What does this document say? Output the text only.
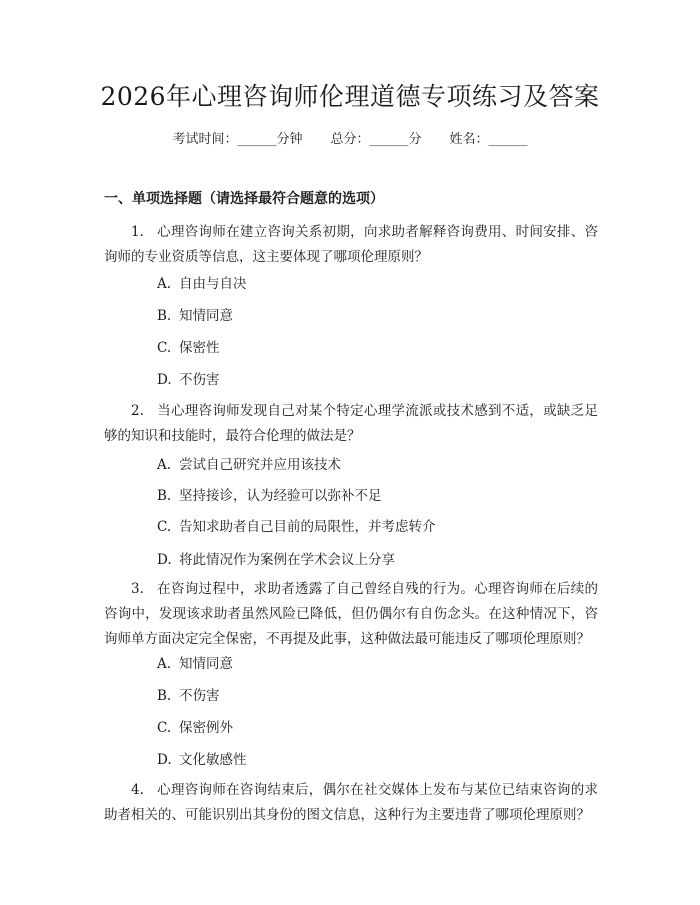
2026年心理咨询师伦理道德专项练习及答案
考试时间：______分钟 总分：______分 姓名：______
一、单项选择题（请选择最符合题意的选项）
1. 心理咨询师在建立咨询关系初期，向求助者解释咨询费用、时间安排、咨询师的专业资质等信息，这主要体现了哪项伦理原则？
A. 自由与自决
B. 知情同意
C. 保密性
D. 不伤害
2. 当心理咨询师发现自己对某个特定心理学流派或技术感到不适，或缺乏足够的知识和技能时，最符合伦理的做法是？
A. 尝试自己研究并应用该技术
B. 坚持接诊，认为经验可以弥补不足
C. 告知求助者自己目前的局限性，并考虑转介
D. 将此情况作为案例在学术会议上分享
3. 在咨询过程中，求助者透露了自己曾经自残的行为。心理咨询师在后续的咨询中，发现该求助者虽然风险已降低，但仍偶尔有自伤念头。在这种情况下，咨询师单方面决定完全保密，不再提及此事，这种做法最可能违反了哪项伦理原则？
A. 知情同意
B. 不伤害
C. 保密例外
D. 文化敏感性
4. 心理咨询师在咨询结束后，偶尔在社交媒体上发布与某位已结束咨询的求助者相关的、可能识别出其身份的图文信息，这种行为主要违背了哪项伦理原则？
